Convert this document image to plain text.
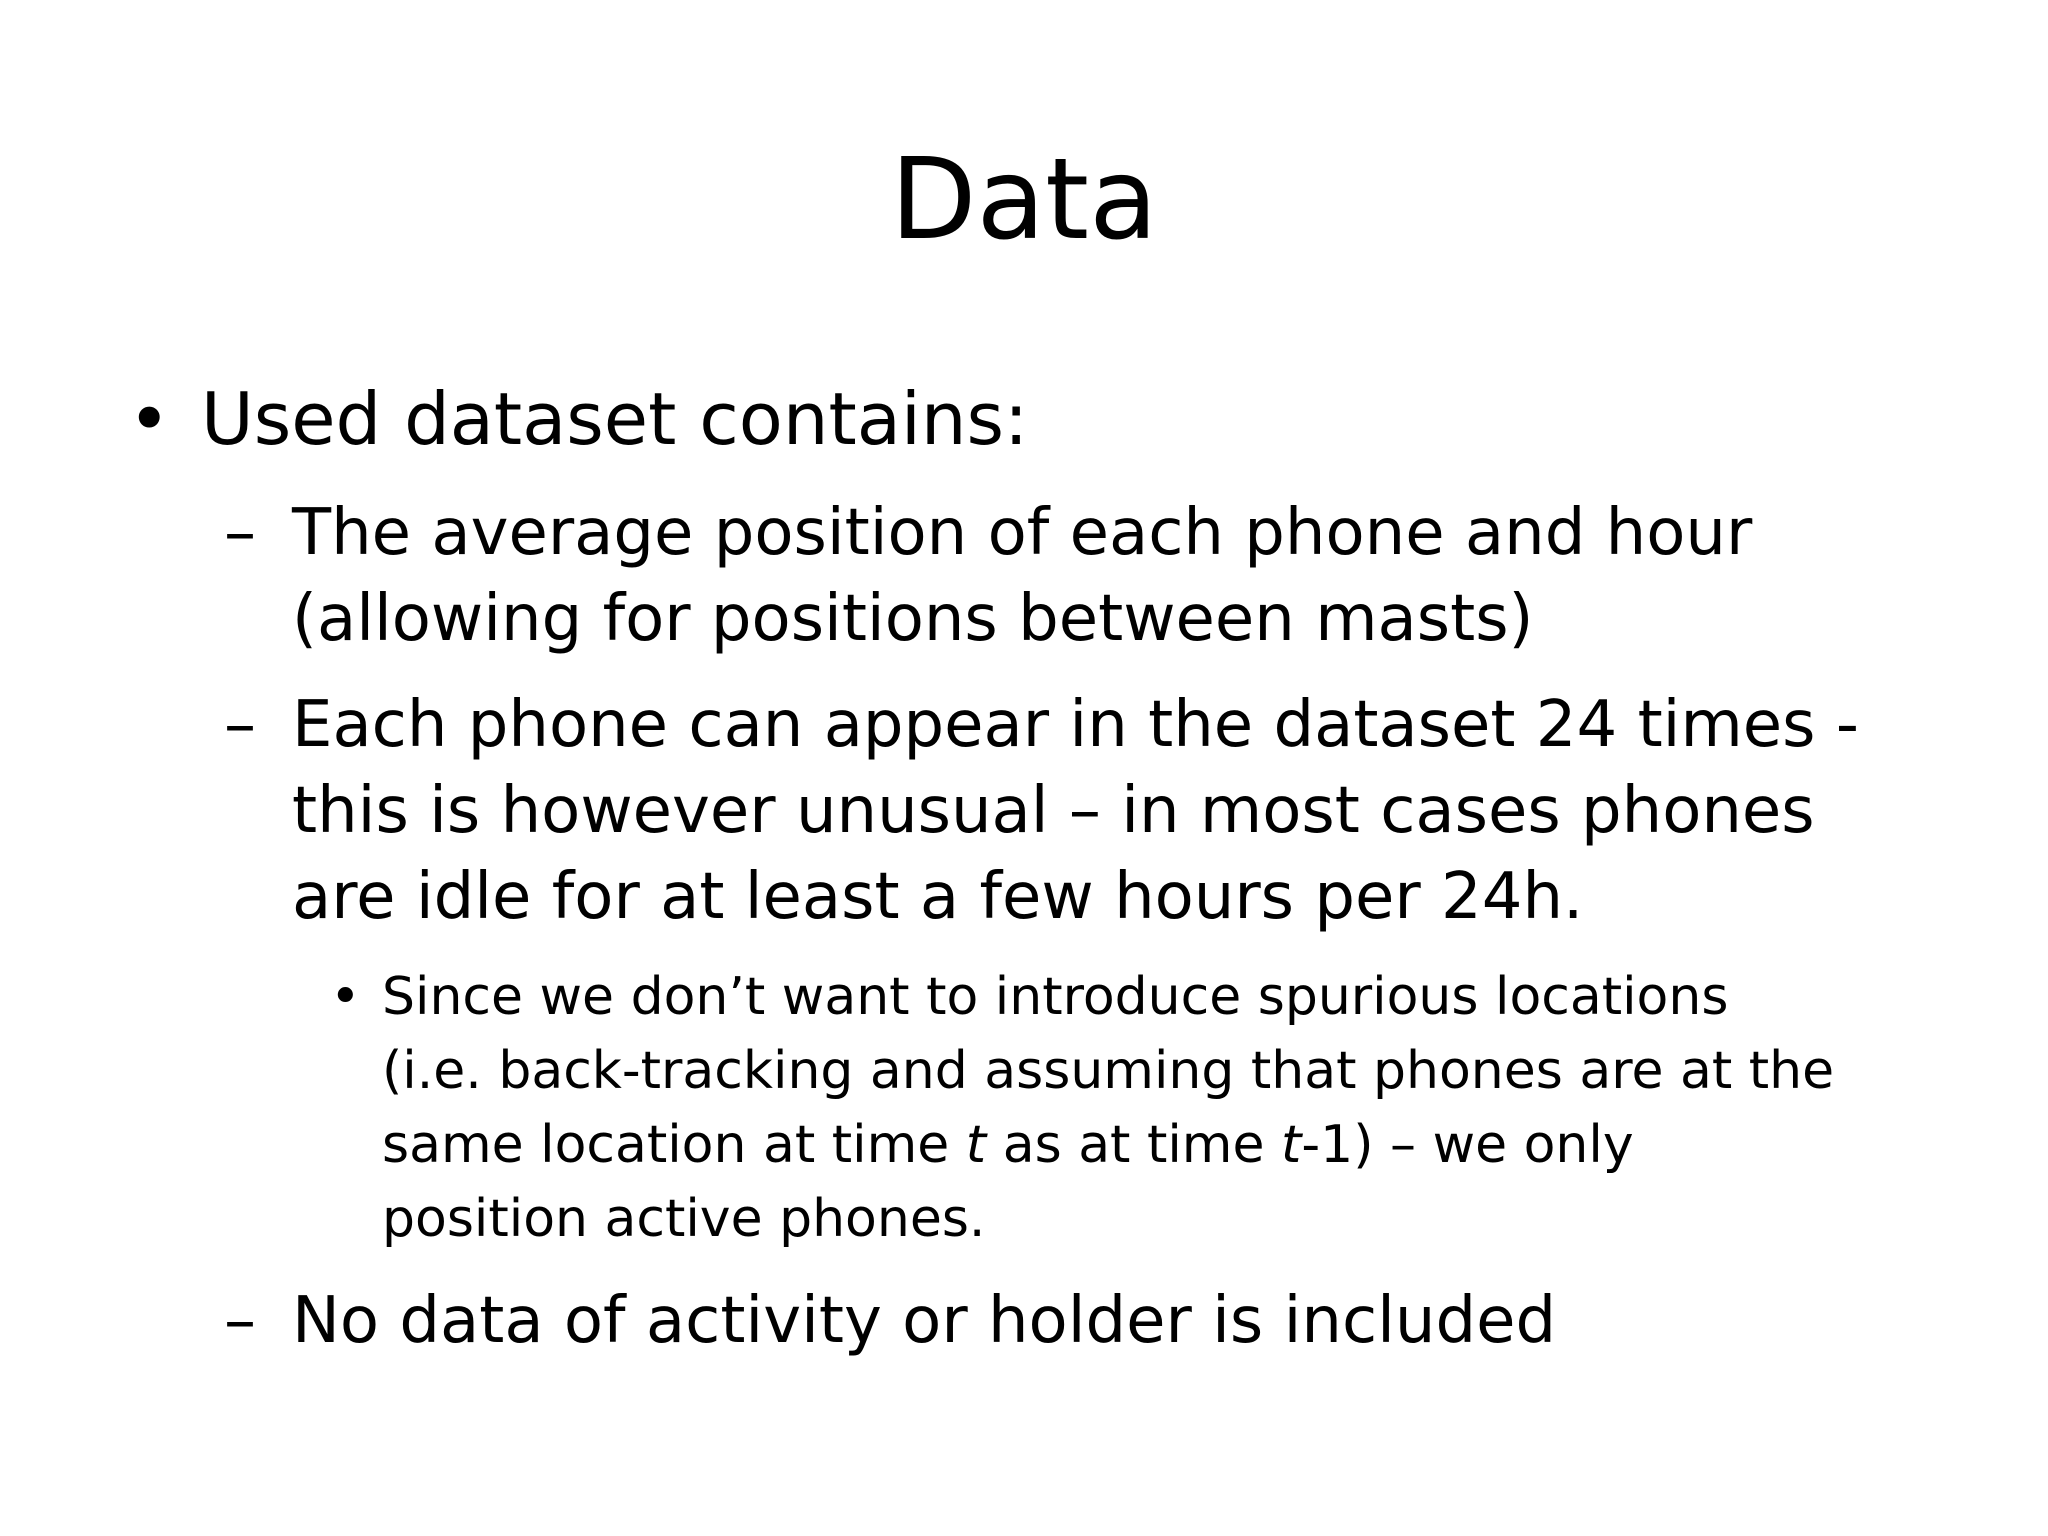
Data
• Used dataset contains:
– The average position of each phone and hour
(allowing for positions between masts)
– Each phone can appear in the dataset 24 times -
this is however unusual – in most cases phones
are idle for at least a few hours per 24h.
• Since we don’t want to introduce spurious locations
(i.e. back-tracking and assuming that phones are at the
same location at time t as at time t-1) – we only
position active phones.
– No data of activity or holder is included
